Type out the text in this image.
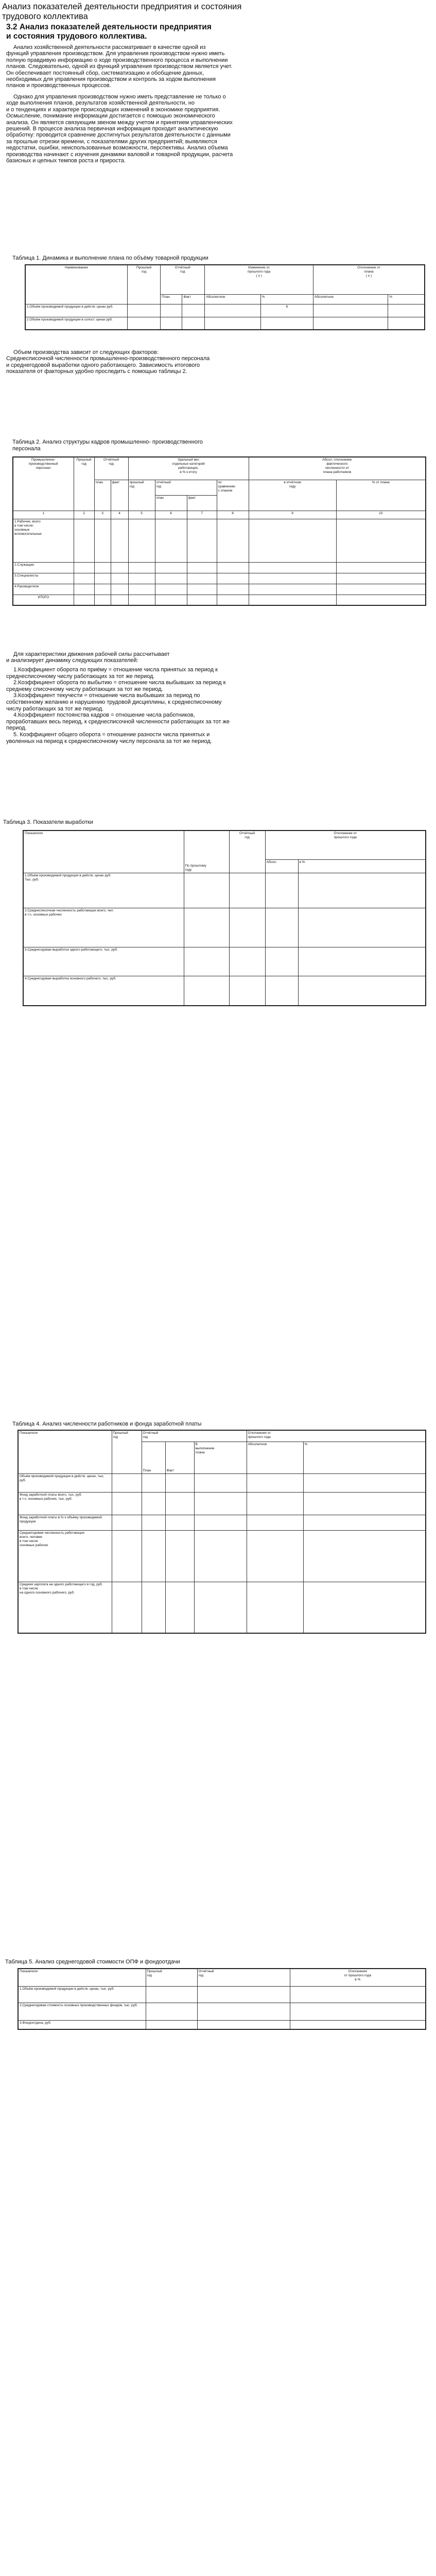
Анализ показателей деятельности предприятия и состояния
трудового коллектива
3.2 Анализ показателей деятельности предприятия
и состояния трудового коллектива.
Анализ хозяйственной деятельности рассматривает в качестве одной из
функций управления производством. Для управления производством нужно иметь
полную правдивую информацию о ходе производственного процесса и выполнении
планов. Следовательно, одной из функций управления производством является учет.
Он обеспечивает постоянный сбор, систематизацию и обобщение данных,
необходимых для управления производством и контроль за ходом выполнения
планов и производственных процессов.
Однако для управления производством нужно иметь представление не только о
ходе выполнения планов, результатов хозяйственной деятельности, но
и о тенденциях и характере происходящих изменений в экономике предприятия.
Осмысление, понимание информации достигается с помощью экономического
анализа. Он является связующим звеном между учетом и принятием управленческих
решений. В процессе анализа первичная информация проходит аналитическую
обработку: проводится сравнение достигнутых результатов деятельности с данными
за прошлые отрезки времени, с показателями других предприятий; выявляются
недостатки, ошибки, неиспользованные возможности, перспективы. Анализ объема
производства начинают с изучения динамики валовой и товарной продукции, расчета
базисных и цепных темпов роста и прироста.
Таблица 1. Динамика и выполнение плана по объёму товарной продукции
Наименование	Прошлый
год	Отчётный
год		Изменение от
прошлого года
( ± )		Отклонение от
плана
( ± )	

		План	Факт	Абсолютное	%	Абсолютное	%
1.Объём производимой продукции в действ. ценах руб.					8		
2.Объём производимой продукции в сопост. ценах руб.							
Объем производства зависит от следующих факторов:
Среднесписочной численности промышленно-производственного персонала
и среднегодовой выработки одного работающего. Зависимость итогового
показателя от факторных удобно проследить с помощью таблицы 2.
Таблица 2. Анализ структуры кадров промышленно- производственного
персонала
Промышленно-
производственный
персонал	Прошлый
год	Отчётный
год		Удельный вес
отдельных категорий
работающих,
в % к итогу				Абсол. отклонение
фактического
численности от
плана работников	

		план	факт	прошлый
год	отчётный
год		по
сравнению
с планом	в отчётном
году	% от плана
					план	факт			
1	2	3	4	5	6	7	8	9	10

1.Рабочие, всего
в том числе:
основные
вспомогательные									

2.Служащие:									
3.Специалисты									
4.Руководители									
ИТОГО									
Для характеристики движения рабочей силы рассчитывает
и анализирует динамику следующих показателей:
1.Коэффициент оборота по приёму = отношение числа принятых за период к
среднесписочному числу работающих за тот же период.
2.Коэффициент оборота по выбытию = отношение числа выбывших за период к
среднему списочному числу работающих за тот же период.
3.Коэффициент текучести = отношение числа выбывших за период по
собственному желанию и нарушению трудовой дисциплины, к среднесписочному
числу работающих за тот же период.
4.Коэффициент постоянства кадров = отношение числа работников,
проработавших весь период, к среднесписочной численности работающих за тот же
период.
5. Коэффициент общего оборота = отношение разности числа принятых и
уволенных на период к среднесписочному числу персонала за тот же период.
Таблица 3. Показатели выработки
Показатели	По прошлому
году	Отчётный
год	Отклонение от
прошлого года	

			Абсол.	в %

1.Объём производимой продукции в действ. ценах руб.
Тыс. руб.				

2.Среднесписочная численность работающих всего, чел.
в т.ч. основных рабочих				

3.Среднегодовая выработка одного работающего, тыс. руб.				
4.Среднегодовая выработка основного рабочего, тыс. руб.				
Таблица 4. Анализ численности работников и фонда заработной платы
Показатели	Прошлый
год	Отчётный
год			Отклонение от
прошлого года	

		План	Факт	В
выполнение
плана	Абсолютное	%

Объём производимой продукции в действ. ценах, тыс. руб.						

Фонд заработной платы всего, тыс. руб.
в т.ч. основных рабочих, тыс. руб.						

Фонд заработной платы в % к объёму производимой продукции						

Среднегодовая численность работающих
всего, человек
в том числе
основных рабочих						

Средняя зарплата на одного работающего в год, руб.
в том числе
на одного основного рабочего, руб.						

Таблица 5. Анализ среднегодовой стоимости ОПФ и фондоотдачи
Показатели	Прошлый
год	Отчётный
год	Отклонения
от прошлого года
в %

1.Объём производимой продукции в действ. ценах, тыс. руб.			
2.Среднегодовая стоимость основных производственных фондов, тыс. руб.			
3.Фондоотдача, руб.			
